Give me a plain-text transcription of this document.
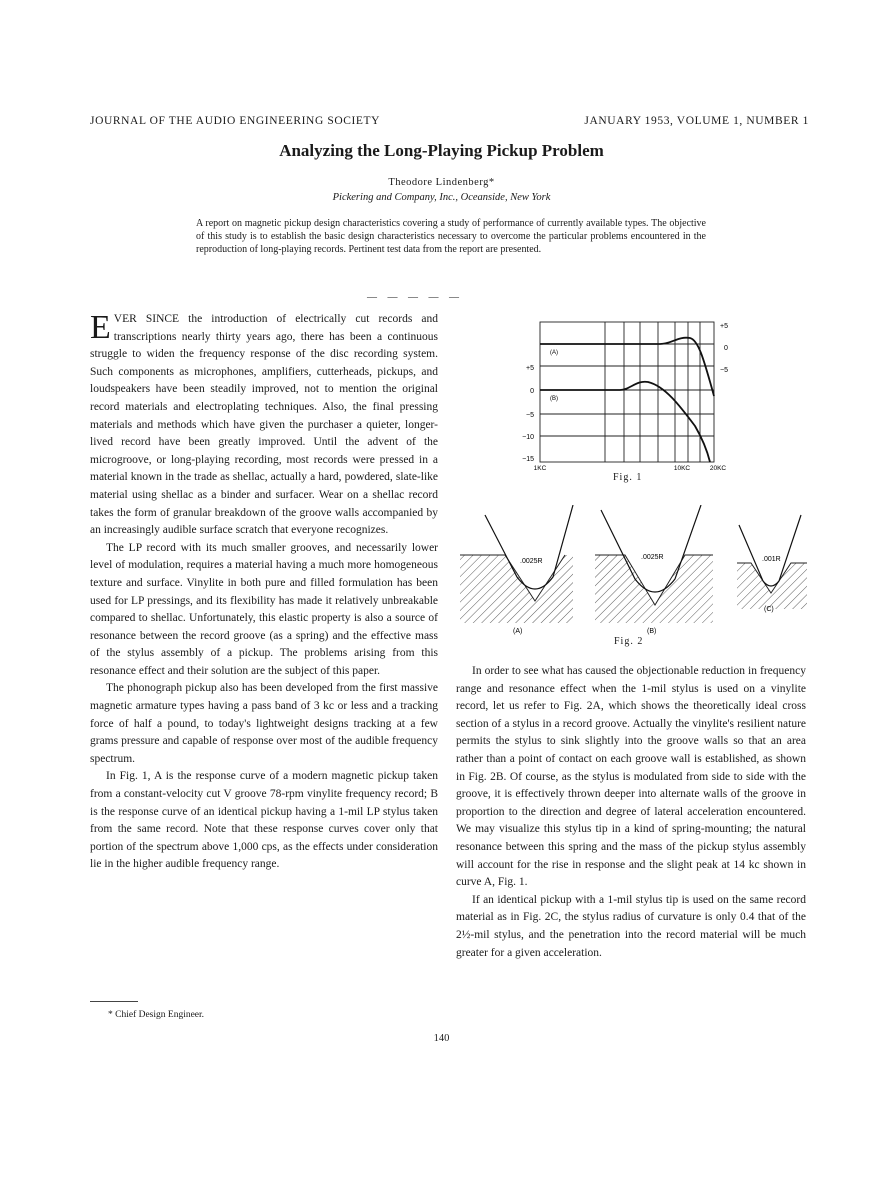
JOURNAL OF THE AUDIO ENGINEERING SOCIETY	JANUARY 1953, VOLUME 1, NUMBER 1
Analyzing the Long-Playing Pickup Problem
Theodore Lindenberg*
Pickering and Company, Inc., Oceanside, New York
A report on magnetic pickup design characteristics covering a study of performance of currently available types. The objective of this study is to establish the basic design characteristics necessary to overcome the particular problems encountered in the reproduction of long-playing records. Pertinent test data from the report are presented.
— — — — —

EVER SINCE the introduction of electrically cut records and transcriptions nearly thirty years ago, there has been a continuous struggle to widen the frequency response of the disc recording system. Such components as microphones, amplifiers, cutterheads, pickups, and loudspeakers have been steadily improved, not to mention the original record materials and electroplating techniques. Also, the final pressing materials and methods which have given the purchaser a quieter, longer-lived record have been greatly improved. Until the advent of the microgroove, or long-playing recording, most records were pressed in a material known in the trade as shellac, actually a hard, powdered, slate-like material using shellac as a binder and surfacer. Wear on a shellac record takes the form of granular breakdown of the groove walls accompanied by an increasingly audible surface scratch that everyone recognizes.

The LP record with its much smaller grooves, and necessarily lower level of modulation, requires a material having a much more homogeneous texture and surface. Vinylite in both pure and filled formulation has been used for LP pressings, and its flexibility has made it relatively unbreakable compared to shellac. Unfortunately, this elastic property is also a source of resonance between the record groove (as a spring) and the effective mass of the stylus assembly of a pickup. The problems arising from this resonance effect and their solution are the subject of this paper.

The phonograph pickup also has been developed from the first massive magnetic armature types having a pass band of 3 kc or less and a tracking force of half a pound, to today's lightweight designs tracking at a few grams pressure and capable of response over most of the audible frequency spectrum.

In Fig. 1, A is the response curve of a modern magnetic pickup taken from a constant-velocity cut V groove 78-rpm vinylite frequency record; B is the response curve of an identical pickup having a 1-mil LP stylus taken from the same record. Note that these response curves cover only that portion of the spectrum above 1,000 cps, as the effects under consideration lie in the higher audible frequency range.

(A)
(B)
+5
0
−5
−10
−15
+5
0
−5
1KC	10KC	20KC
Fig. 1
.0025R
(A)
.0025R
(B)
.001R
(C)
Fig. 2

In order to see what has caused the objectionable reduction in frequency range and resonance effect when the 1-mil stylus is used on a vinylite record, let us refer to Fig. 2A, which shows the theoretically ideal cross section of a stylus in a record groove. Actually the vinylite's resilient nature permits the stylus to sink slightly into the groove walls so that an area rather than a point of contact on each groove wall is established, as shown in Fig. 2B. Of course, as the stylus is modulated from side to side with the groove, it is effectively thrown deeper into alternate walls of the groove in proportion to the direction and degree of lateral acceleration encountered. We may visualize this stylus tip in a kind of spring-mounting; the natural resonance between this spring and the mass of the pickup stylus assembly will account for the rise in response and the slight peak at 14 kc shown in curve A, Fig. 1.

If an identical pickup with a 1-mil stylus tip is used on the same record material as in Fig. 2C, the stylus radius of curvature is only 0.4 that of the 2½-mil stylus, and the penetration into the record material will be much greater for a given acceleration.

* Chief Design Engineer.
140
